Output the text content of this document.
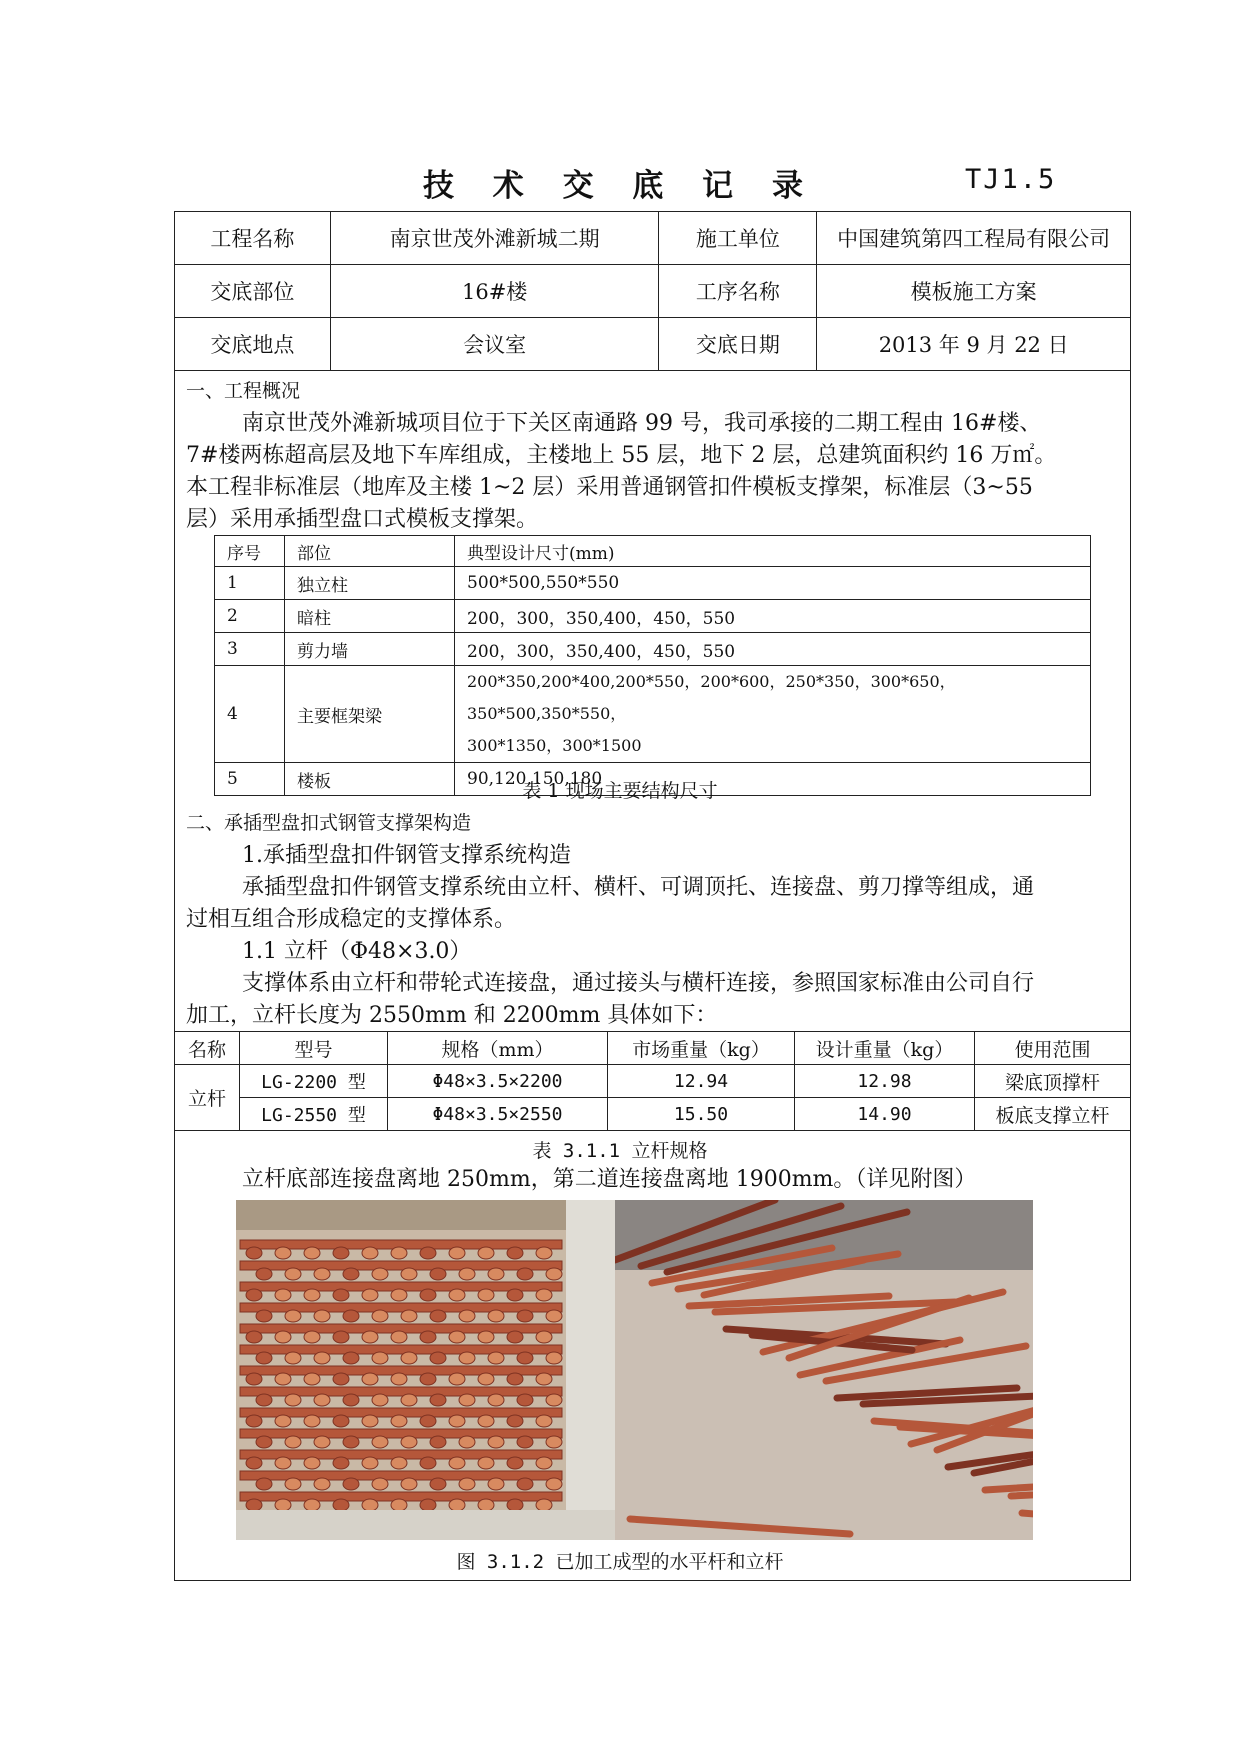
技 术 交 底 记 录	TJ1.5
工程名称	南京世茂外滩新城二期	施工单位	中国建筑第四工程局有限公司
交底部位	16#楼	工序名称	模板施工方案
交底地点	会议室	交底日期	2013 年 9 月 22 日
一、工程概况
南京世茂外滩新城项目位于下关区南通路 99 号，我司承接的二期工程由 16#楼、
7#楼两栋超高层及地下车库组成，主楼地上 55 层，地下 2 层，总建筑面积约 16 万㎡。
本工程非标准层（地库及主楼 1~2 层）采用普通钢管扣件模板支撑架，标准层（3~55
层）采用承插型盘口式模板支撑架。
序号	部位	典型设计尺寸(mm)
1	独立柱	500*500,550*550
2	暗柱	200，300，350,400，450，550
3	剪力墙	200，300，350,400，450，550
4	主要框架梁	200*350,200*400,200*550，200*600，250*350，300*650，350*500,350*550，
300*1350，300*1500

5	楼板	90,120,150,180
表 1 现场主要结构尺寸
二、承插型盘扣式钢管支撑架构造
1.承插型盘扣件钢管支撑系统构造
承插型盘扣件钢管支撑系统由立杆、横杆、可调顶托、连接盘、剪刀撑等组成，通
过相互组合形成稳定的支撑体系。
1.1 立杆（Φ48×3.0）
支撑体系由立杆和带轮式连接盘，通过接头与横杆连接，参照国家标准由公司自行
加工，立杆长度为 2550mm 和 2200mm 具体如下：
名称	型号	规格（mm）	市场重量（kg）	设计重量（kg）	使用范围
立杆	LG-2200 型	Φ48×3.5×2200	12.94	12.98	梁底顶撑杆
	LG-2550 型	Φ48×3.5×2550	15.50	14.90	板底支撑立杆
表 3.1.1 立杆规格
立杆底部连接盘离地 250mm，第二道连接盘离地 1900mm。（详见附图）
图 3.1.2 已加工成型的水平杆和立杆
